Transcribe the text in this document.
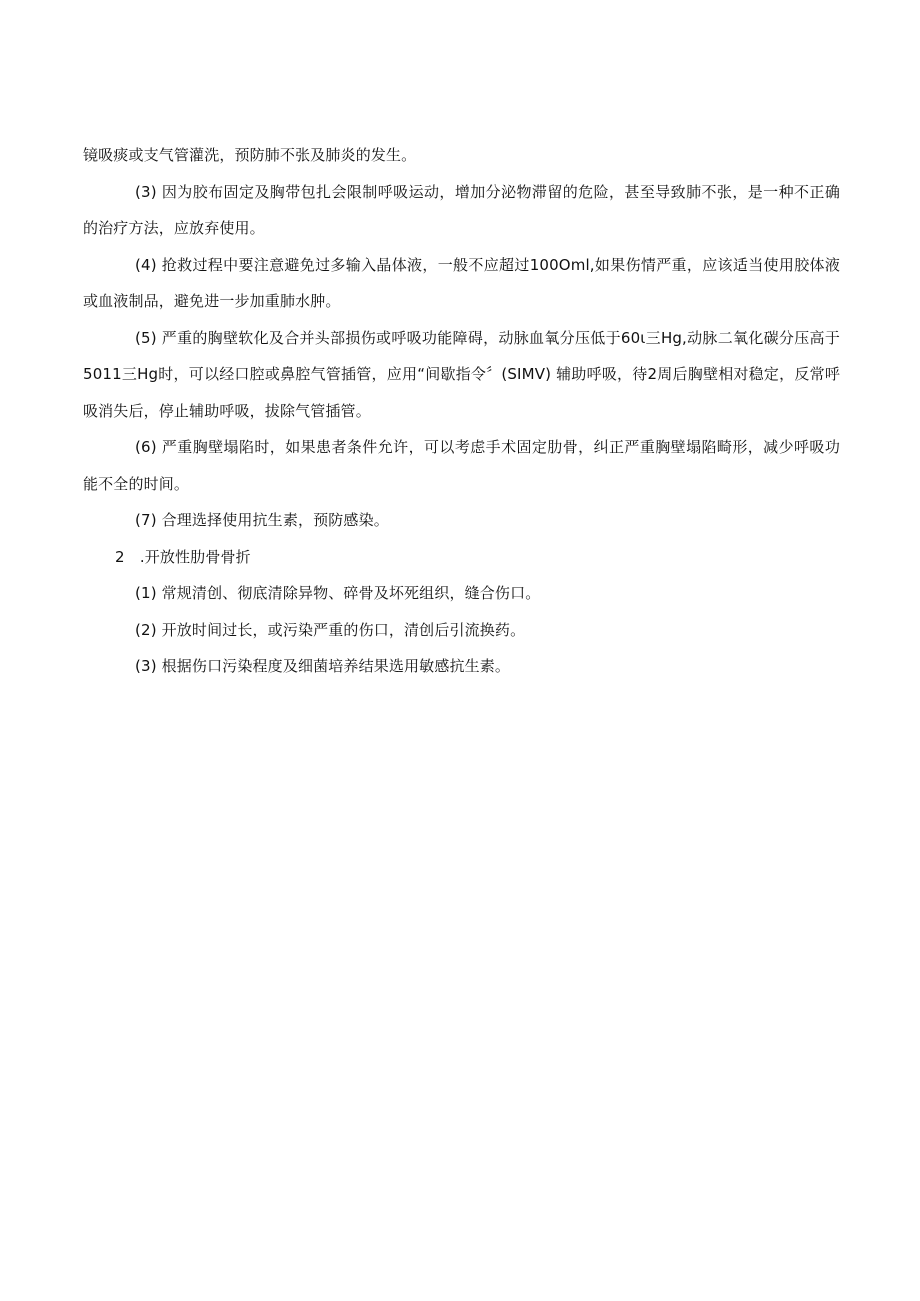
镜吸痰或支气管灌洗，预防肺不张及肺炎的发生。

(3) 因为胶布固定及胸带包扎会限制呼吸运动，增加分泌物滞留的危险，甚至导致肺不张，是一种不正确的治疗方法，应放弃使用。

(4) 抢救过程中要注意避免过多输入晶体液，一般不应超过100Oml,如果伤情严重，应该适当使用胶体液或血液制品，避免进一步加重肺水肿。

(5) 严重的胸壁软化及合并头部损伤或呼吸功能障碍，动脉血氧分压低于60ι三Hg,动脉二氧化碳分压高于5011三Hg时，可以经口腔或鼻腔气管插管，应用“间歇指令〞(SIMV) 辅助呼吸，待2周后胸壁相对稳定，反常呼吸消失后，停止辅助呼吸，拔除气管插管。

(6) 严重胸壁塌陷时，如果患者条件允许，可以考虑手术固定肋骨，纠正严重胸壁塌陷畸形，减少呼吸功能不全的时间。

(7) 合理选择使用抗生素，预防感染。

2　.开放性肋骨骨折

(1) 常规清创、彻底清除异物、碎骨及坏死组织，缝合伤口。

(2) 开放时间过长，或污染严重的伤口，清创后引流换药。

(3) 根据伤口污染程度及细菌培养结果选用敏感抗生素。
